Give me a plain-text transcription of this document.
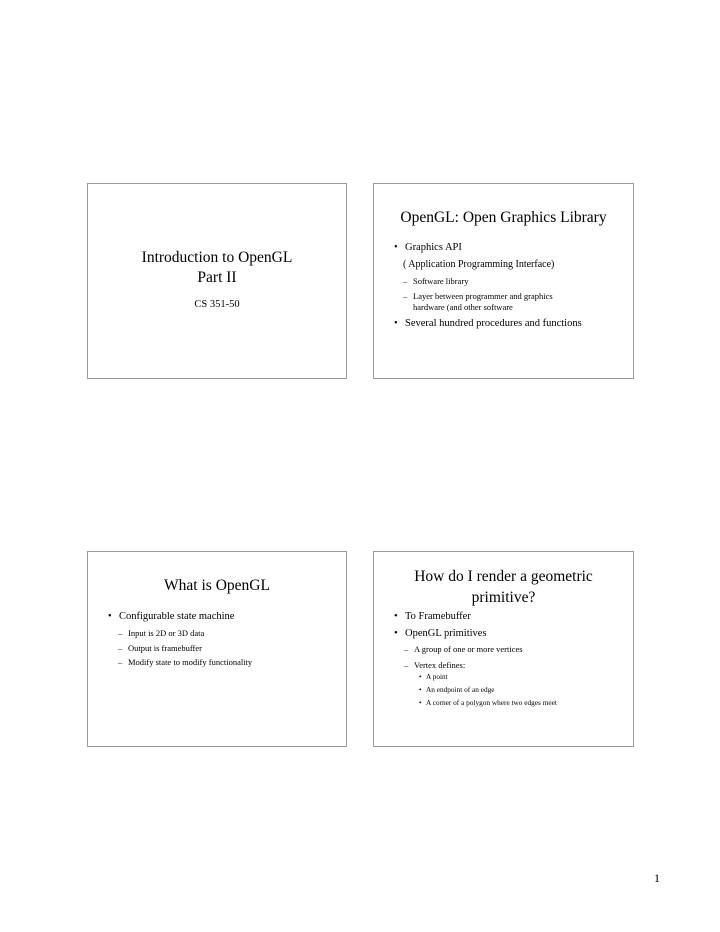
Introduction to OpenGL
Part II
CS 351-50
OpenGL: Open Graphics Library
• Graphics API
( Application Programming Interface)
– Software library
– Layer between programmer and graphics
hardware (and other software
• Several hundred procedures and functions
What is OpenGL
• Configurable state machine
– Input is 2D or 3D data
– Output is framebuffer
– Modify state to modify functionality
How do I render a geometric
primitive?
• To Framebuffer
• OpenGL primitives
– A group of one or more vertices
– Vertex defines:
• A point
• An endpoint of an edge
• A corner of a polygon where two edges meet
1
